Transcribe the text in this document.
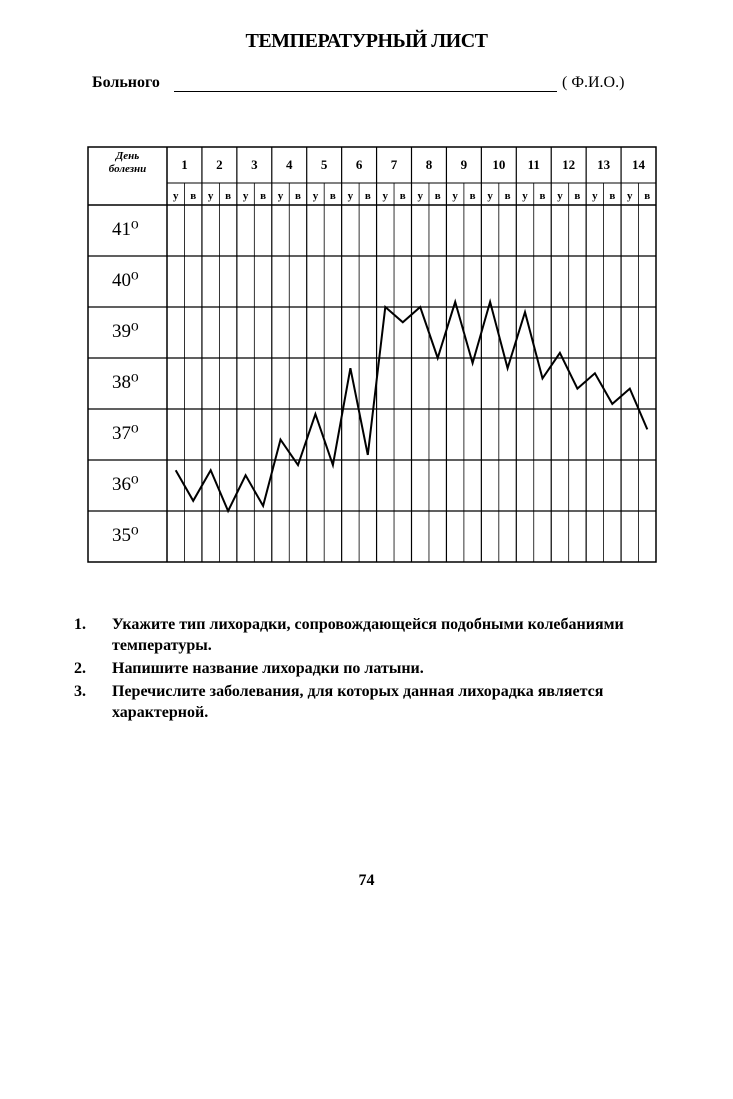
ТЕМПЕРАТУРНЫЙ ЛИСТ
Больного	( Ф.И.О.)
День болезни	1 2 3 4 5 6 7 8 9 10 11 12 13 14
у в у в у в у в у в у в у в у в у в у в у в у в у в у в
41⁰
40⁰
39⁰
38⁰
37⁰
36⁰
35⁰
1. Укажите тип лихорадки, сопровождающейся подобными колебаниями температуры.
2. Напишите название лихорадки по латыни.
3. Перечислите заболевания, для которых данная лихорадка является характерной.
74
